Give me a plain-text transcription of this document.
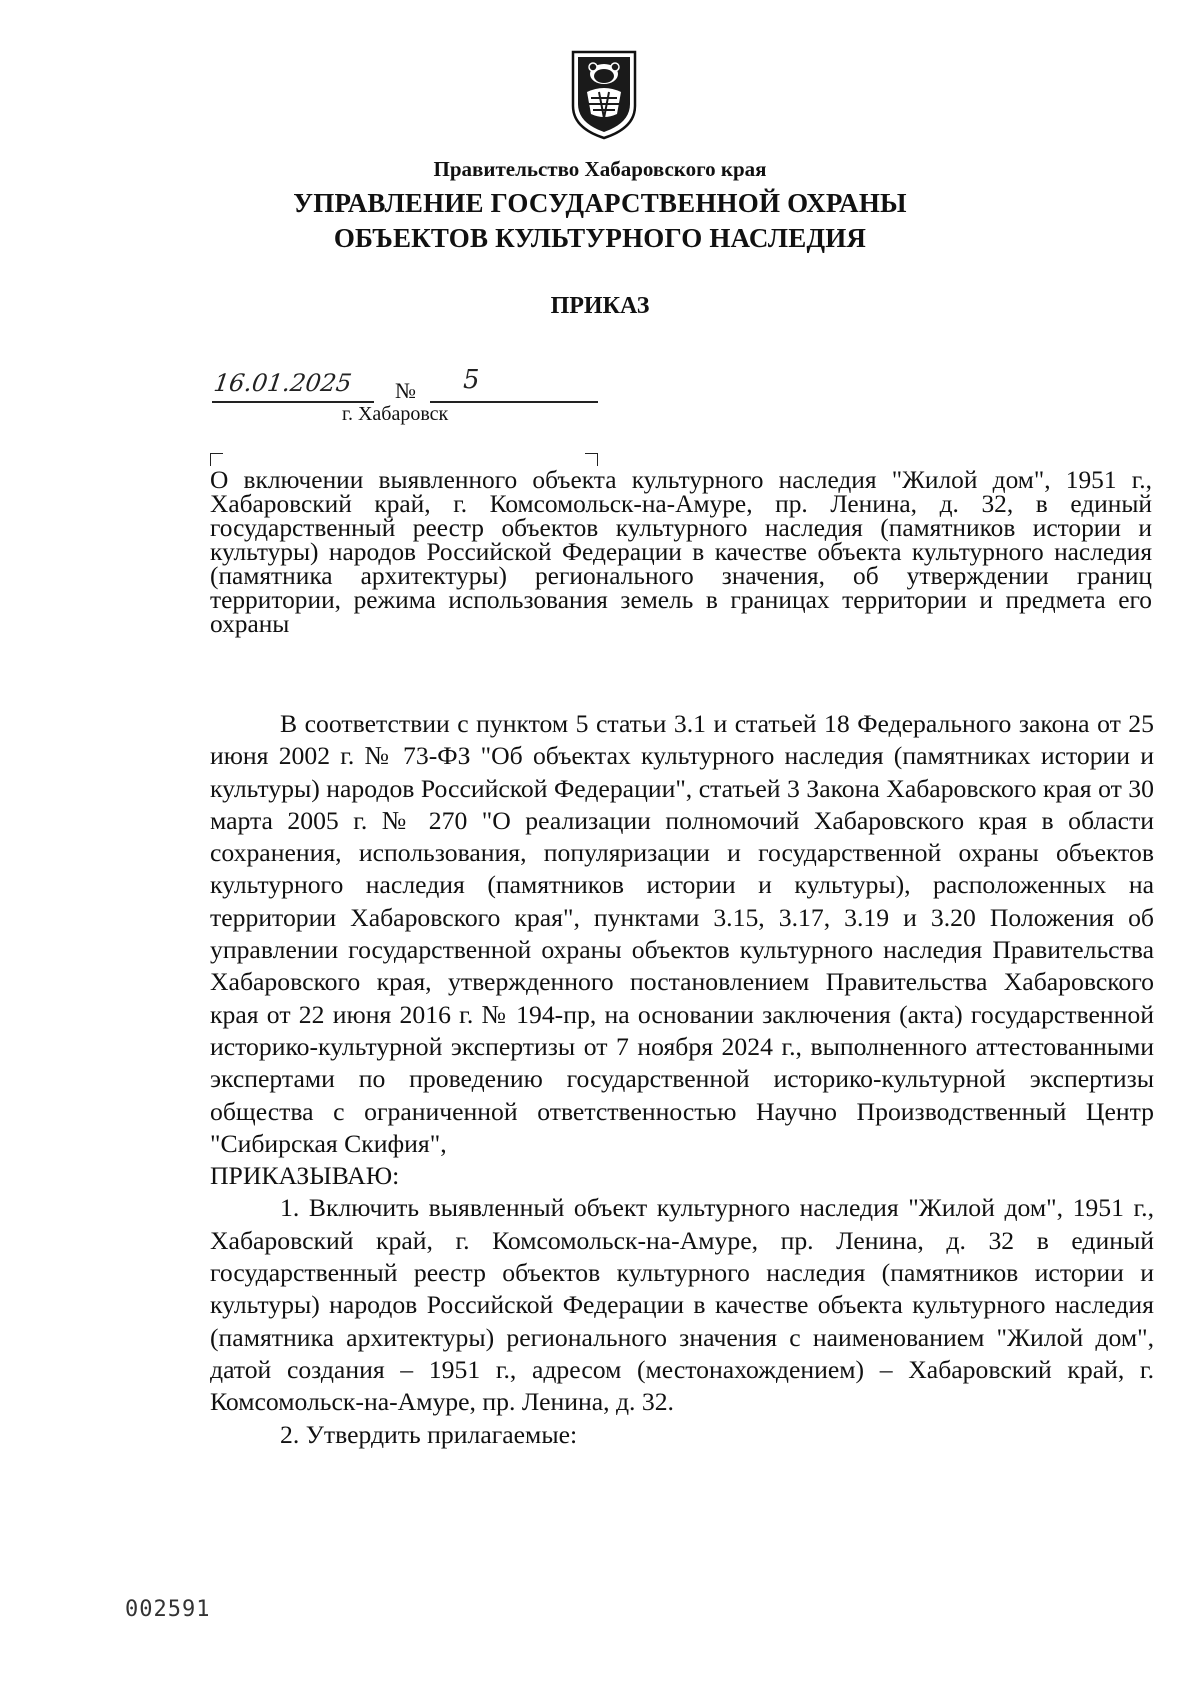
Правительство Хабаровского края

УПРАВЛЕНИЕ ГОСУДАРСТВЕННОЙ ОХРАНЫ

ОБЪЕКТОВ КУЛЬТУРНОГО НАСЛЕДИЯ

ПРИКАЗ

16.01.2025 № 5
г. Хабаровск

О включении выявленного объекта культурного наследия "Жилой дом", 1951 г., Хабаровский край, г. Комсомольск-на-Амуре, пр. Ленина, д. 32, в единый государственный реестр объектов культурного наследия (памятников истории и культуры) народов Российской Федерации в качестве объекта культурного наследия (памятника архитектуры) регионального значения, об утверждении границ территории, режима использования земель в границах территории и предмета его охраны

В соответствии с пунктом 5 статьи 3.1 и статьей 18 Федерального закона от 25 июня 2002 г. № 73-ФЗ "Об объектах культурного наследия (памятниках истории и культуры) народов Российской Федерации", статьей 3 Закона Хабаровского края от 30 марта 2005 г. № 270 "О реализации полномочий Хабаровского края в области сохранения, использования, популяризации и государственной охраны объектов культурного наследия (памятников истории и культуры), расположенных на территории Хабаровского края", пунктами 3.15, 3.17, 3.19 и 3.20 Положения об управлении государственной охраны объектов культурного наследия Правительства Хабаровского края, утвержденного постановлением Правительства Хабаровского края от 22 июня 2016 г. № 194-пр, на основании заключения (акта) государственной историко-культурной экспертизы от 7 ноября 2024 г., выполненного аттестованными экспертами по проведению государственной историко-культурной экспертизы общества с ограниченной ответственностью Научно Производственный Центр "Сибирская Скифия",

ПРИКАЗЫВАЮ:

1. Включить выявленный объект культурного наследия "Жилой дом", 1951 г., Хабаровский край, г. Комсомольск-на-Амуре, пр. Ленина, д. 32 в единый государственный реестр объектов культурного наследия (памятников истории и культуры) народов Российской Федерации в качестве объекта культурного наследия (памятника архитектуры) регионального значения с наименованием "Жилой дом", датой создания – 1951 г., адресом (местонахождением) – Хабаровский край, г. Комсомольск-на-Амуре, пр. Ленина, д. 32.

2. Утвердить прилагаемые:

002591
